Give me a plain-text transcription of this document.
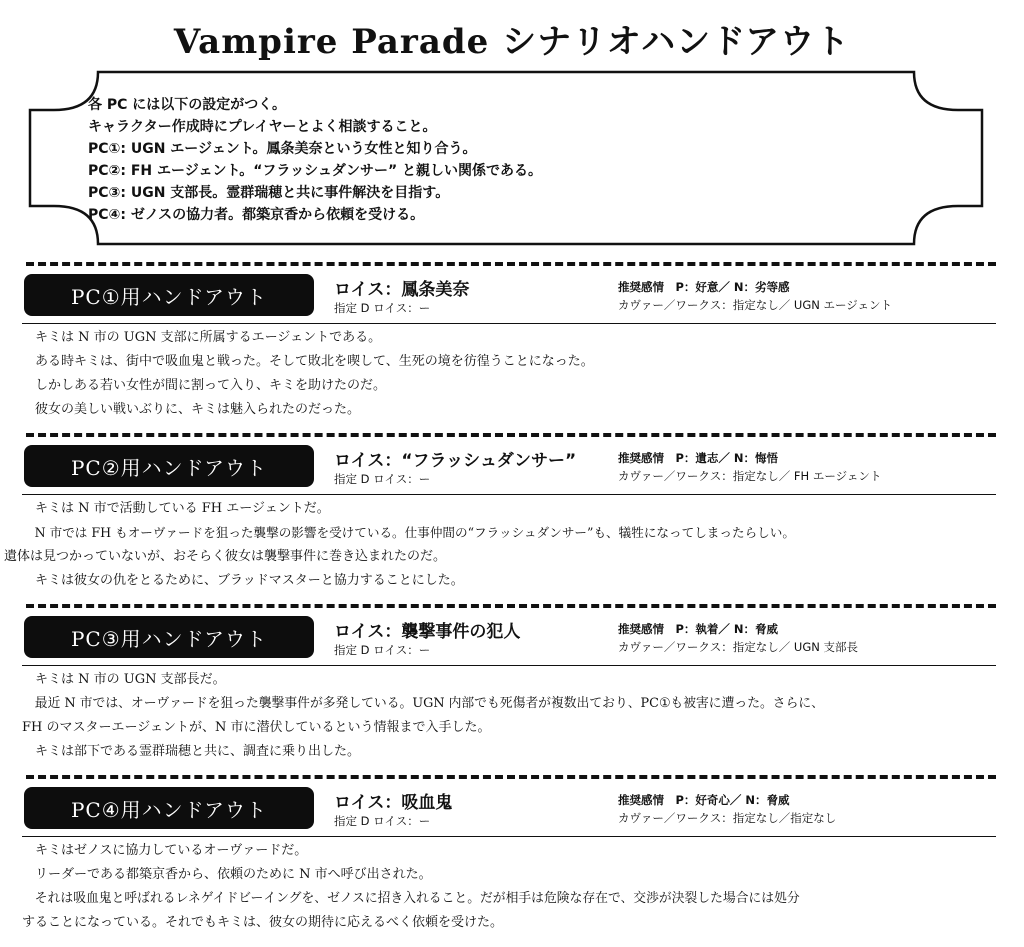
Vampire Parade シナリオハンドアウト
各 PC には以下の設定がつく。
キャラクター作成時にプレイヤーとよく相談すること。
PC①: UGN エージェント。鳳条美奈という女性と知り合う。
PC②: FH エージェント。“フラッシュダンサー” と親しい関係である。
PC③: UGN 支部長。霊群瑞穂と共に事件解決を目指す。
PC④: ゼノスの協力者。都築京香から依頼を受ける。
PC①用ハンドアウト	ロイス：鳳条美奈
指定 D ロイス：ー
推奨感情　P：好意／ N：劣等感
カヴァー／ワークス：指定なし／ UGN エージェント
　キミは N 市の UGN 支部に所属するエージェントである。
　ある時キミは、街中で吸血鬼と戦った。そして敗北を喫して、生死の境を彷徨うことになった。
　しかしある若い女性が間に割って入り、キミを助けたのだ。
　彼女の美しい戦いぶりに、キミは魅入られたのだった。
PC②用ハンドアウト	ロイス：“フラッシュダンサー”
指定 D ロイス：ー
推奨感情　P：遺志／ N：悔悟
カヴァー／ワークス：指定なし／ FH エージェント
　キミは N 市で活動している FH エージェントだ。
　N 市では FH もオーヴァードを狙った襲撃の影響を受けている。仕事仲間の“フラッシュダンサー”も、犠牲になってしまったらしい。
遺体は見つかっていないが、おそらく彼女は襲撃事件に巻き込まれたのだ。
　キミは彼女の仇をとるために、ブラッドマスターと協力することにした。
PC③用ハンドアウト	ロイス：襲撃事件の犯人
指定 D ロイス：ー
推奨感情　P：執着／ N：脅威
カヴァー／ワークス：指定なし／ UGN 支部長
　キミは N 市の UGN 支部長だ。
　最近 N 市では、オーヴァードを狙った襲撃事件が多発している。UGN 内部でも死傷者が複数出ており、PC①も被害に遭った。さらに、
FH のマスターエージェントが、N 市に潜伏しているという情報まで入手した。
　キミは部下である霊群瑞穂と共に、調査に乗り出した。
PC④用ハンドアウト	ロイス：吸血鬼
指定 D ロイス：ー
推奨感情　P：好奇心／ N：脅威
カヴァー／ワークス：指定なし／指定なし
　キミはゼノスに協力しているオーヴァードだ。
　リーダーである都築京香から、依頼のために N 市へ呼び出された。
　それは吸血鬼と呼ばれるレネゲイドビーイングを、ゼノスに招き入れること。だが相手は危険な存在で、交渉が決裂した場合には処分
することになっている。それでもキミは、彼女の期待に応えるべく依頼を受けた。
